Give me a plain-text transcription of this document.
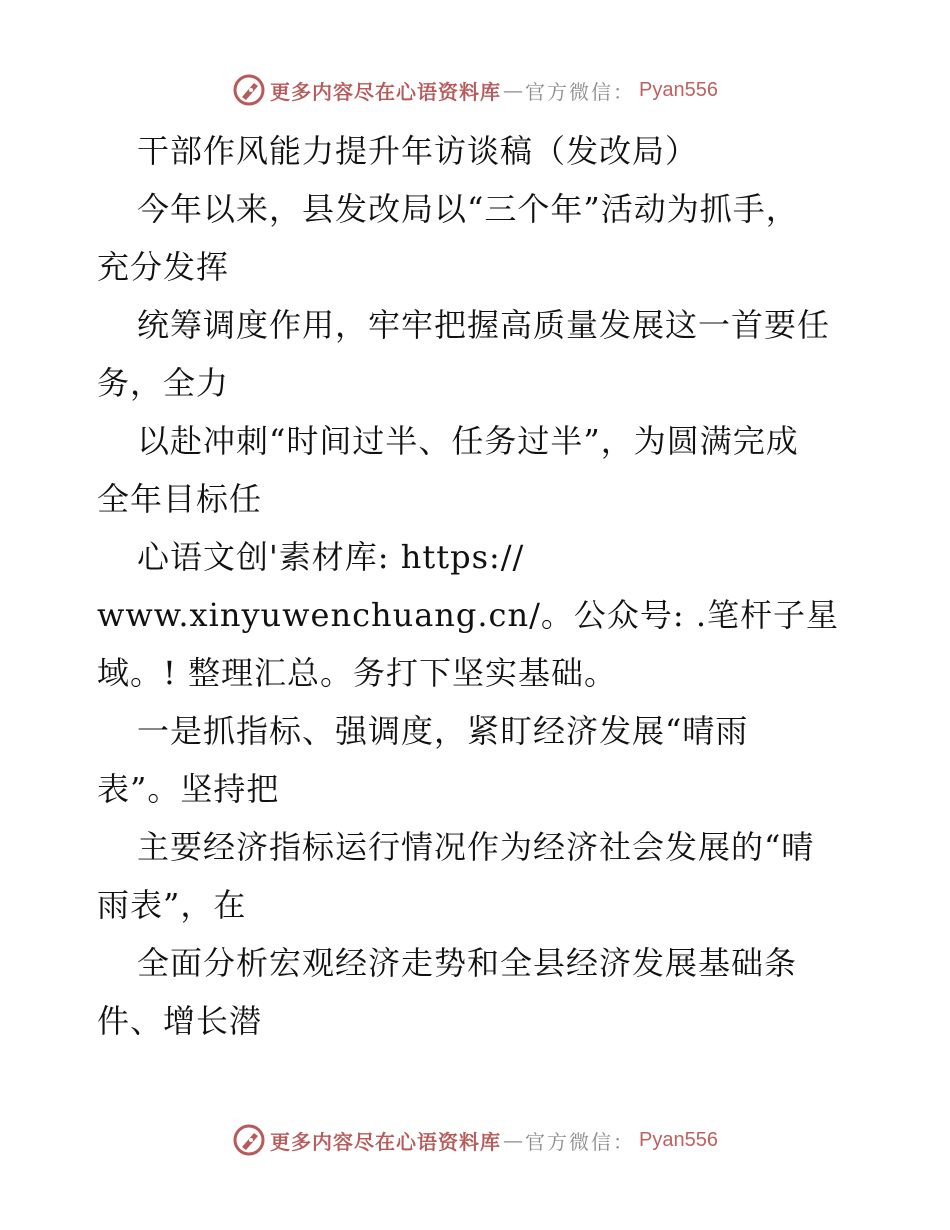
更多内容尽在心语资料库 — 官方微信： Pyan556
干部作风能力提升年访谈稿（发改局）
今年以来，县发改局以“三个年”活动为抓手，
充分发挥
统筹调度作用，牢牢把握高质量发展这一首要任
务，全力
以赴冲刺“时间过半、任务过半”，为圆满完成
全年目标任
心语文创'素材库: https://
www.xinyuwenchuang.cn/。公众号: .笔杆子星
域。! 整理汇总。务打下坚实基础。
一是抓指标、强调度，紧盯经济发展“晴雨
表”。坚持把
主要经济指标运行情况作为经济社会发展的“晴
雨表”，在
全面分析宏观经济走势和全县经济发展基础条
件、增长潜
更多内容尽在心语资料库 — 官方微信： Pyan556
